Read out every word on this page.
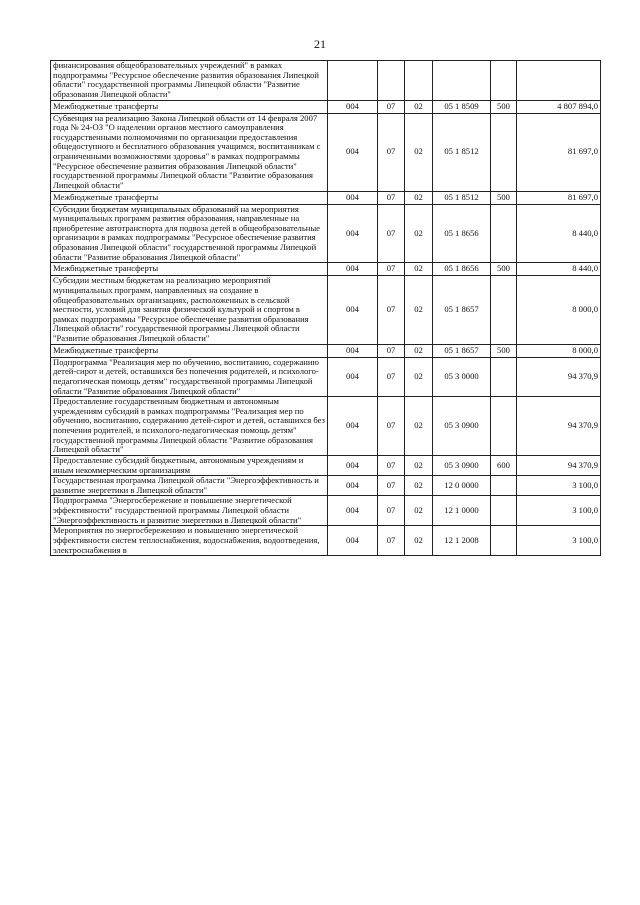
21
финансирования общеобразовательных учреждений" в рамках подпрограммы "Ресурсное обеспечение развития образования Липецкой области" государственной программы Липецкой области "Развитие образования Липецкой области"						
Межбюджетные трансферты	004	07	02	05 1 8509	500	4 807 894,0
Субвенция на реализацию Закона Липецкой области от 14 февраля 2007 года № 24-ОЗ "О наделении органов местного самоуправления государственными полномочиями по организации предоставления общедоступного и бесплатного образования учащимся, воспитанникам с ограниченными возможностями здоровья" в рамках подпрограммы "Ресурсное обеспечение развития образования Липецкой области" государственной программы Липецкой области "Развитие образования Липецкой области"	004	07	02	05 1 8512		81 697,0
Межбюджетные трансферты	004	07	02	05 1 8512	500	81 697,0
Субсидии бюджетам муниципальных образований на мероприятия муниципальных программ развития образования, направленные на приобретение автотранспорта для подвоза детей в общеобразовательные организации в рамках подпрограммы "Ресурсное обеспечение развития образования Липецкой области" государственной программы Липецкой области "Развитие образования Липецкой области"	004	07	02	05 1 8656		8 440,0
Межбюджетные трансферты	004	07	02	05 1 8656	500	8 440,0
Субсидии местным бюджетам на реализацию мероприятий муниципальных программ, направленных на создание в общеобразовательных организациях, расположенных в сельской местности, условий для занятия физической культурой и спортом в рамках подпрограммы "Ресурсное обеспечение развития образования Липецкой области" государственной программы Липецкой области "Развитие образования Липецкой области"	004	07	02	05 1 8657		8 000,0
Межбюджетные трансферты	004	07	02	05 1 8657	500	8 000,0
Подпрограмма "Реализация мер по обучению, воспитанию, содержанию детей-сирот и детей, оставшихся без попечения родителей, и психолого-педагогическая помощь детям" государственной программы Липецкой области "Развитие образования Липецкой области"	004	07	02	05 3 0000		94 370,9
Предоставление государственным бюджетным и автономным учреждениям субсидий в рамках подпрограммы "Реализация мер по обучению, воспитанию, содержанию детей-сирот и детей, оставшихся без попечения родителей, и психолого-педагогическая помощь детям" государственной программы Липецкой области "Развитие образования Липецкой области"	004	07	02	05 3 0900		94 370,9
Предоставление субсидий бюджетным, автономным учреждениям и иным некоммерческим организациям	004	07	02	05 3 0900	600	94 370,9
Государственная программа Липецкой области "Энергоэффективность и развитие энергетики в Липецкой области"	004	07	02	12 0 0000		3 100,0
Подпрограмма "Энергосбережение и повышение энергетической эффективности" государственной программы Липецкой области "Энергоэффективность и развитие энергетики в Липецкой области"	004	07	02	12 1 0000		3 100,0
Мероприятия по энергосбережению и повышению энергетической эффективности систем теплоснабжения, водоснабжения, водоотведения, электроснабжения в	004	07	02	12 1 2008		3 100,0
